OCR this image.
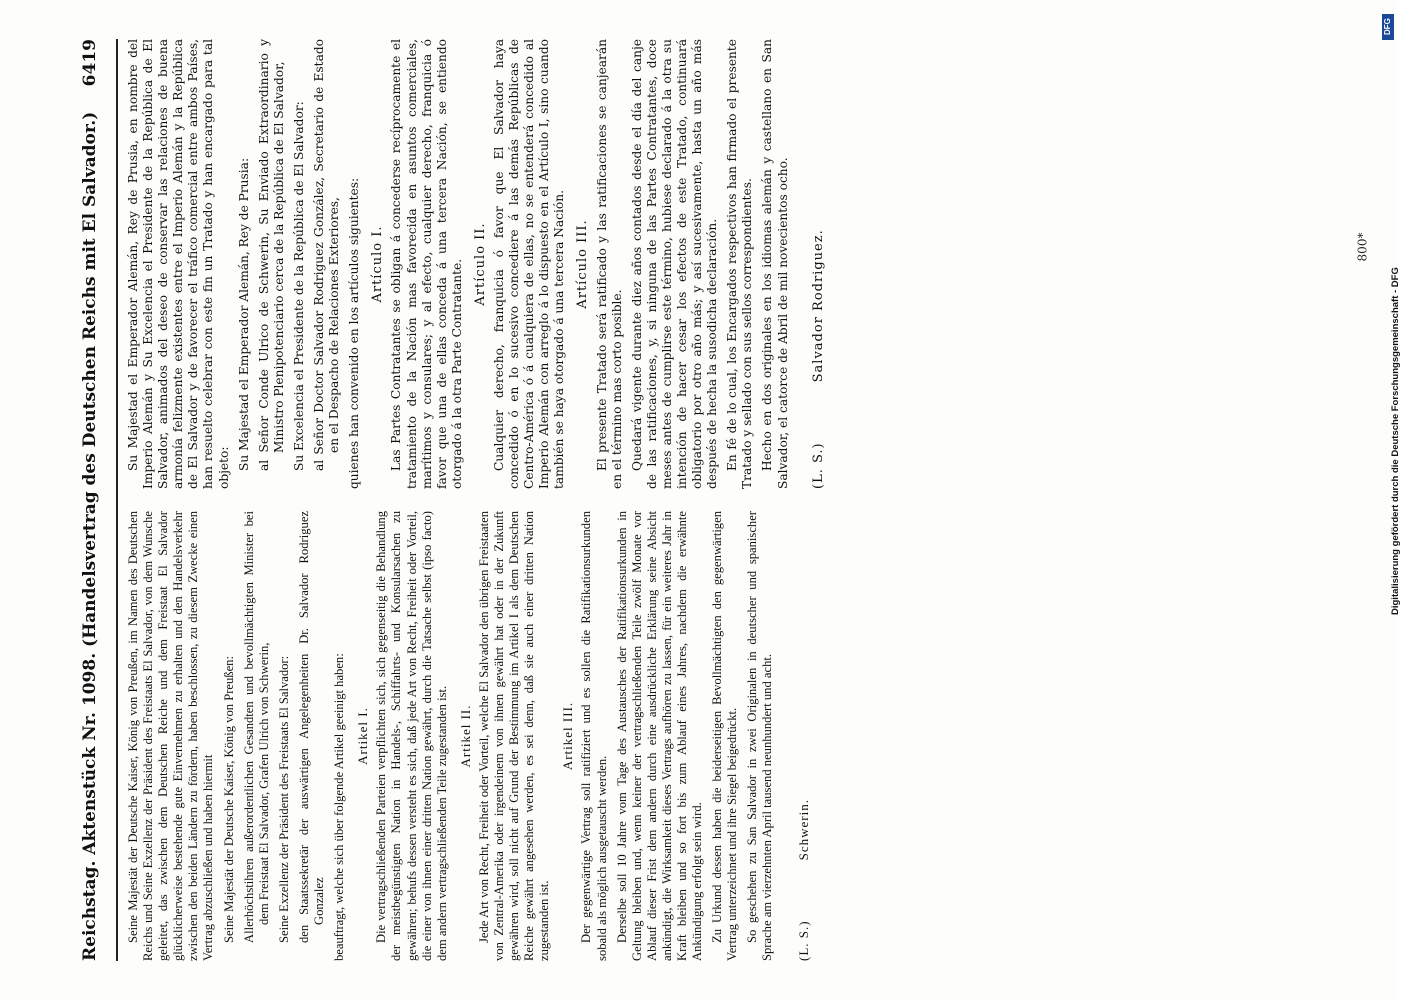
Reichstag. Aktenstück Nr. 1098. (Handelsvertrag des Deutschen Reichs mit El Salvador.)
6419

Seine Majestät der Deutsche Kaiser, König von Preußen, im Namen des Deutschen Reichs und Seine Exzellenz der Präsident des Freistaats El Salvador, von dem Wunsche geleitet, das zwischen dem Deutschen Reiche und dem Freistaat El Salvador glücklicherweise bestehende gute Einvernehmen zu erhalten und den Handelsverkehr zwischen den beiden Ländern zu fördern, haben beschlossen, zu diesem Zwecke einen Vertrag abzuschließen und haben hiermit Seine Majestät der Deutsche Kaiser, König von Preußen: Allerhöchstihren außerordentlichen Gesandten und bevollmächtigten Minister bei dem Freistaat El Salvador, Grafen Ulrich von Schwerin, Seine Exzellenz der Präsident des Freistaats El Salvador: den Staatssekretär der auswärtigen Angelegenheiten Dr. Salvador Rodriguez Gonzalez beauftragt, welche sich über folgende Artikel geeinigt haben: Artikel I. Die vertragschließenden Parteien verpflichten sich, sich gegenseitig die Behandlung der meistbegünstigten Nation in Handels-, Schiffahrts- und Konsularsachen zu gewähren; behufs dessen versteht es sich, daß jede Art von Recht, Freiheit oder Vorteil, die einer von ihnen einer dritten Nation gewährt, durch die Tatsache selbst (ipso facto) dem andern vertragschließenden Teile zugestanden ist. Artikel II. Jede Art von Recht, Freiheit oder Vorteil, welche El Salvador den übrigen Freistaaten von Zentral-Amerika oder irgendeinem von ihnen gewährt hat oder in der Zukunft gewähren wird, soll nicht auf Grund der Bestimmung im Artikel I als dem Deutschen Reiche gewährt angesehen werden, es sei denn, daß sie auch einer dritten Nation zugestanden ist.

Artikel III. Der gegenwärtige Vertrag soll ratifiziert und es sollen die Ratifikationsurkunden sobald als möglich ausgetauscht werden. Derselbe soll 10 Jahre vom Tage des Austausches der Ratifikationsurkunden in Geltung bleiben und, wenn keiner der vertragschließenden Teile zwölf Monate vor Ablauf dieser Frist dem andern durch eine ausdrückliche Erklärung seine Absicht ankündigt, die Wirksamkeit dieses Vertrags aufhören zu lassen, für ein weiteres Jahr in Kraft bleiben und so fort bis zum Ablauf eines Jahres, nachdem die erwähnte Ankündigung erfolgt sein wird. Zu Urkund dessen haben die beiderseitigen Bevollmächtigten den gegenwärtigen Vertrag unterzeichnet und ihre Siegel beigedrückt. So geschehen zu San Salvador in zwei Originalen in deutscher und spanischer Sprache am vierzehnten April tausend neunhundert und acht. (L. S.)
Schwerin.

Su Majestad el Emperador Alemán, Rey de Prusia, en nombre del Imperio Alemán y Su Excelencia el Presidente de la República de El Salvador, animados del deseo de conservar las relaciones de buena armonía felizmente existentes entre el Imperio Alemán y la República de El Salvador y de favorecer el tráfico comercial entre ambos Países, han resuelto celebrar con este fin un Tratado y han encargado para tal objeto: Su Majestad el Emperador Alemán, Rey de Prusia: al Señor Conde Ulrico de Schwerin, Su Enviado Extraordinario y Ministro Plenipotenciario cerca de la República de El Salvador, Su Excelencia el Presidente de la República de El Salvador: al Señor Doctor Salvador Rodriguez González, Secretario de Estado en el Despacho de Relaciones Exteriores, quienes han convenido en los artículos siguientes: Artículo I. Las Partes Contratantes se obligan á concederse recíprocamente el tratamiento de la Nación mas favorecida en asuntos comerciales, marítimos y consulares; y al efecto, cualquier derecho, franquicia ó favor que una de ellas conceda á una tercera Nación, se entiendo otorgado á la otra Parte Contratante. Artículo II. Cualquier derecho, franquicia ó favor que El Salvador haya concedido ó en lo sucesivo concediere á las demás Repúblicas de Centro-América ó á cualquiera de ellas, no se entenderá concedido al Imperio Alemán con arreglo á lo dispuesto en el Artículo I, sino cuando también se haya otorgado á una tercera Nación. Artículo III. El presente Tratado será ratificado y las ratificaciones se canjearán en el término mas corto posible. Quedará vigente durante diez años contados desde el día del canje de las ratificaciones, y, si ninguna de las Partes Contratantes, doce meses antes de cumplirse este término, hubiese declarado á la otra su intención de hacer cesar los efectos de este Tratado, continuará obligatorio por otro año más; y así sucesivamente, hasta un año más después de hecha la susodicha declaración. En fé de lo cual, los Encargados respectivos han firmado el presente Tratado y sellado con sus sellos correspondientes. Hecho en dos originales en los idiomas alemán y castellano en San Salvador, el catorce de Abril de mil novecientos ocho. (L. S.)
Salvador Rodriguez.	800*
Digitalisierung gefördert durch die Deutsche Forschungsgemeinschaft - DFG
DFG
